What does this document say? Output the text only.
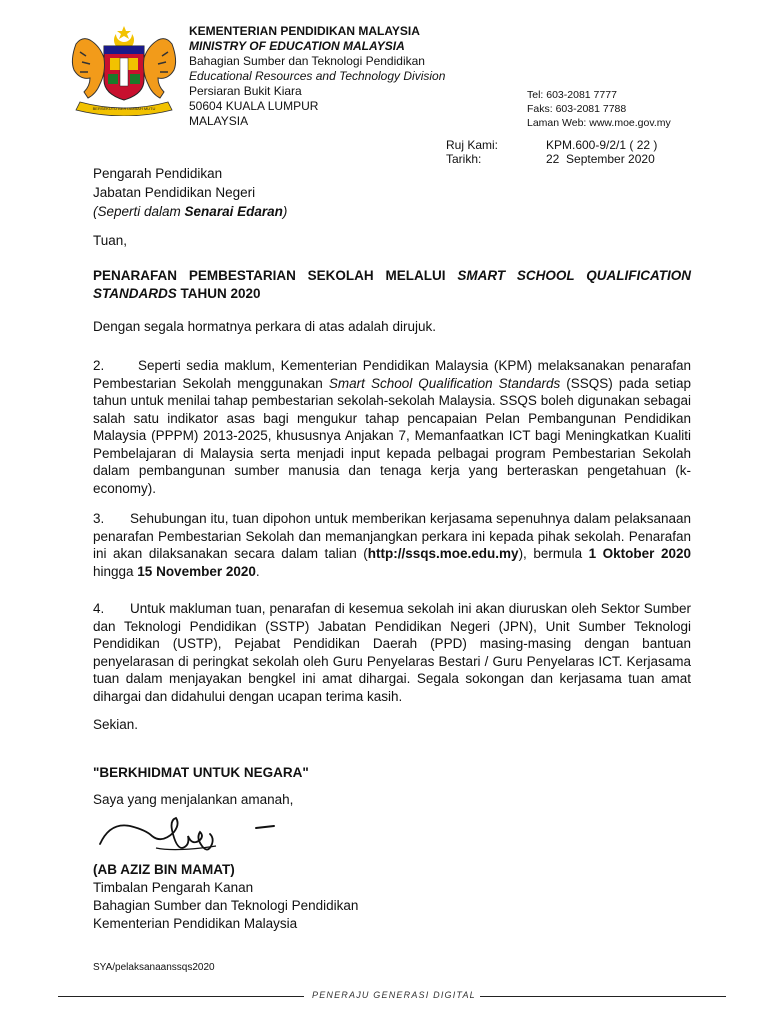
BERSEKUTU BERTAMBAH MUTU
KEMENTERIAN PENDIDIKAN MALAYSIA
MINISTRY OF EDUCATION MALAYSIA
Bahagian Sumber dan Teknologi Pendidikan
Educational Resources and Technology Division
Persiaran Bukit Kiara
50604 KUALA LUMPUR
MALAYSIA
Tel: 603-2081 7777
Faks: 603-2081 7788
Laman Web: www.moe.gov.my
Ruj Kami:	KPM.600-9/2/1 ( 22 )
Tarikh:	22  September 2020
Pengarah Pendidikan
Jabatan Pendidikan Negeri
(Seperti dalam Senarai Edaran)
Tuan,
PENARAFAN PEMBESTARIAN SEKOLAH MELALUI SMART SCHOOL QUALIFICATION STANDARDS TAHUN 2020
Dengan segala hormatnya perkara di atas adalah dirujuk.
2. Seperti sedia maklum, Kementerian Pendidikan Malaysia (KPM) melaksanakan penarafan Pembestarian Sekolah menggunakan Smart School Qualification Standards (SSQS) pada setiap tahun untuk menilai tahap pembestarian sekolah-sekolah Malaysia. SSQS boleh digunakan sebagai salah satu indikator asas bagi mengukur tahap pencapaian Pelan Pembangunan Pendidikan Malaysia (PPPM) 2013-2025, khususnya Anjakan 7, Memanfaatkan ICT bagi Meningkatkan Kualiti Pembelajaran di Malaysia serta menjadi input kepada pelbagai program Pembestarian Sekolah dalam pembangunan sumber manusia dan tenaga kerja yang berteraskan pengetahuan (k-economy).
3. Sehubungan itu, tuan dipohon untuk memberikan kerjasama sepenuhnya dalam pelaksanaan penarafan Pembestarian Sekolah dan memanjangkan perkara ini kepada pihak sekolah. Penarafan ini akan dilaksanakan secara dalam talian (http://ssqs.moe.edu.my), bermula 1 Oktober 2020 hingga 15 November 2020.
4. Untuk makluman tuan, penarafan di kesemua sekolah ini akan diuruskan oleh Sektor Sumber dan Teknologi Pendidikan (SSTP) Jabatan Pendidikan Negeri (JPN), Unit Sumber Teknologi Pendidikan (USTP), Pejabat Pendidikan Daerah (PPD) masing-masing dengan bantuan penyelarasan di peringkat sekolah oleh Guru Penyelaras Bestari / Guru Penyelaras ICT. Kerjasama tuan dalam menjayakan bengkel ini amat dihargai. Segala sokongan dan kerjasama tuan amat dihargai dan didahului dengan ucapan terima kasih.
Sekian.
"BERKHIDMAT UNTUK NEGARA"
Saya yang menjalankan amanah,
(AB AZIZ BIN MAMAT)
Timbalan Pengarah Kanan
Bahagian Sumber dan Teknologi Pendidikan
Kementerian Pendidikan Malaysia
SYA/pelaksanaanssqs2020
PENERAJU GENERASI DIGITAL
